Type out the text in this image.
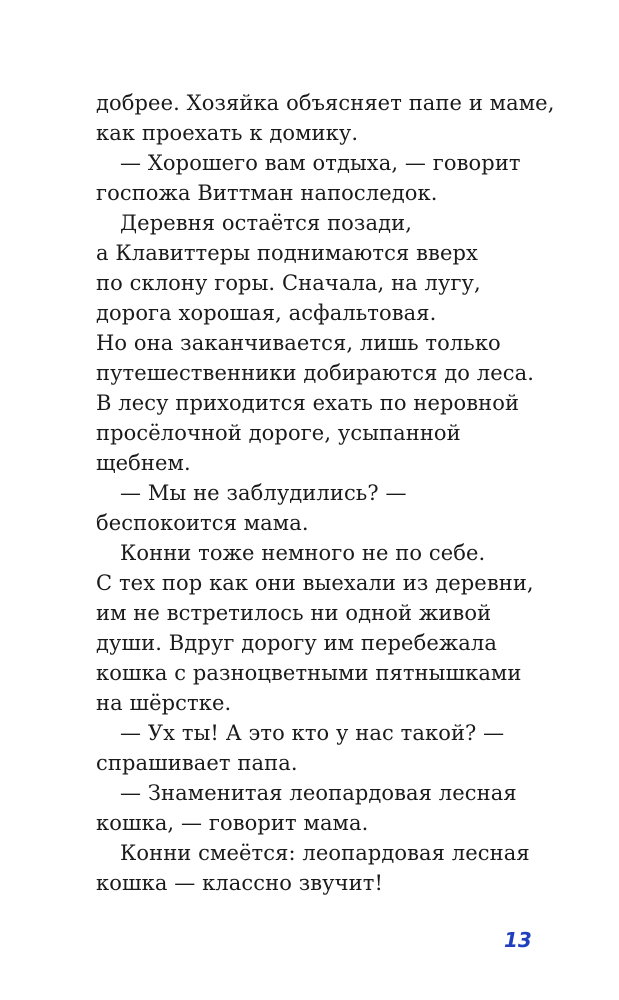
добрее. Хозяйка объясняет папе и маме,
как проехать к домику.
— Хорошего вам отдыха, — говорит
госпожа Виттман напоследок.
Деревня остаётся позади,
а Клавиттеры поднимаются вверх
по склону горы. Сначала, на лугу,
дорога хорошая, асфальтовая.
Но она заканчивается, лишь только
путешественники добираются до леса.
В лесу приходится ехать по неровной
просёлочной дороге, усыпанной
щебнем.
— Мы не заблудились? —
беспокоится мама.
Конни тоже немного не по себе.
С тех пор как они выехали из деревни,
им не встретилось ни одной живой
души. Вдруг дорогу им перебежала
кошка с разноцветными пятнышками
на шёрстке.
— Ух ты! А это кто у нас такой? —
спрашивает папа.
— Знаменитая леопардовая лесная
кошка, — говорит мама.
Конни смеётся: леопардовая лесная
кошка — классно звучит!
13
